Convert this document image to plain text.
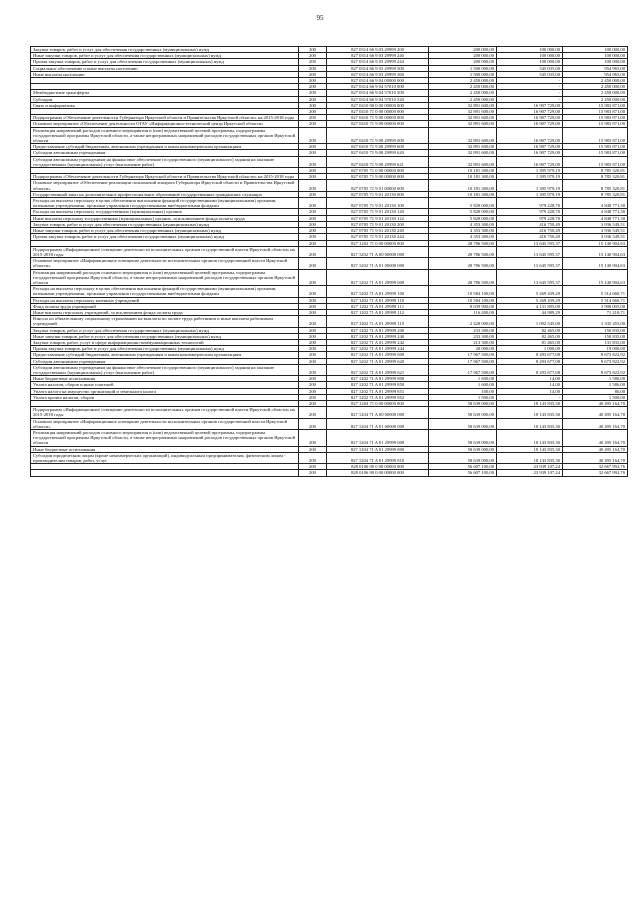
95
Закупка товаров, работ и услуг для обеспечения государственных (муниципальных) нужд	200	827 0314 66 9 03 29999 200	200 000,00	100 000,00	100 000,00
Иные закупки товаров, работ и услуг для обеспечения государственных (муниципальных) нужд	200	827 0314 66 9 03 29999 240	200 000,00	100 000,00	100 000,00
Прочая закупка товаров, работ и услуг для обеспечения государственных (муниципальных) нужд	200	827 0314 66 9 03 29999 244	200 000,00	100 000,00	100 000,00
Социальное обеспечение и иные выплаты населению	200	827 0314 66 9 03 29999 300	1 500 000,00	545 035,00	954 965,00
Иные выплаты населению	200	827 0314 66 9 03 29999 360	1 500 000,00	545 035,00	954 965,00
	200	827 0314 66 9 04 00000 000	2 450 000,00	-	2 450 000,00
	200	827 0314 66 9 04 57010 000	2 450 000,00	-	2 450 000,00
Межбюджетные трансферты	200	827 0314 66 9 04 57010 500	2 450 000,00	-	2 450 000,00
Субсидии	200	827 0314 66 9 04 57010 520	2 450 000,00	-	2 450 000,00
Связь и информатика	200	827 0410 00 0 00 00000 000	32 891 600,00	16 907 729,00	15 983 871,00
	200	827 0410 71 0 00 00000 000	32 891 600,00	16 907 729,00	15 983 871,00
Подпрограмма «Обеспечение деятельности Губернатора Иркутской области и Правительства Иркутской области» на 2015-2018 годы	200	827 0410 71 9 00 00000 000	32 891 600,00	16 907 729,00	15 983 871,00
Основное мероприятие «Обеспечение деятельности ОГАУ «Информационно-технический центр Иркутской области»	200	827 0410 71 9 08 00000 000	32 891 600,00	16 907 729,00	15 983 871,00
Реализация направлений расходов основного мероприятия и (или) ведомственной целевой программы, подпрограммы государственной программы Иркутской области, а также непрограммных направлений расходов государственных органов Иркутской области	200	827 0410 71 9 08 29999 000	32 891 600,00	16 907 729,00	15 983 871,00
Предоставление субсидий бюджетным, автономным учреждениям и иным некоммерческим организациям	200	827 0410 71 9 08 29999 600	32 891 600,00	16 907 729,00	15 983 871,00
Субсидии автономным учреждениям	200	827 0410 71 9 08 29999 620	32 891 600,00	16 907 729,00	15 983 871,00
Субсидии автономным учреждениям на финансовое обеспечение государственного (муниципального) задания на оказание государственных (муниципальных) услуг (выполнение работ)	200	827 0410 71 9 08 29999 621	32 891 600,00	16 907 729,00	15 983 871,00
	200	827 0705 71 0 00 00000 000	10 181 300,00	1 395 979,19	8 785 320,81
Подпрограмма «Обеспечение деятельности Губернатора Иркутской области и Правительства Иркутской области» на 2015-2018 годы	200	827 0705 71 9 00 00000 000	10 181 300,00	1 395 979,19	8 785 320,81
Основное мероприятие «Обеспечение реализации полномочий аппарата Губернатора Иркутской области и Правительства Иркутской области»	200	827 0705 71 9 01 00000 000	10 181 300,00	1 395 979,19	8 785 320,81
Государственный заказ на дополнительное профессиональное образование государственных гражданских служащих	200	827 0705 71 9 01 20130 000	10 181 300,00	1 395 979,19	8 785 320,81
Расходы на выплаты персоналу в целях обеспечения выполнения функций государственными (муниципальными) органами, казенными учреждениями, органами управления государственными внебюджетными фондами	200	827 0705 71 9 01 20130 100	5 828 000,00	979 228,70	4 848 771,30
Расходы на выплаты персоналу государственных (муниципальных) органов	200	827 0705 71 9 01 20130 120	5 828 000,00	979 228,70	4 848 771,30
Иные выплаты персоналу государственных (муниципальных) органов, за исключением фонда оплаты труда	200	827 0705 71 9 01 20130 122	5 828 000,00	979 228,70	4 848 771,30
Закупка товаров, работ и услуг для обеспечения государственных (муниципальных) нужд	200	827 0705 71 9 01 20130 200	4 353 300,00	416 750,49	3 936 549,51
Иные закупки товаров, работ и услуг для обеспечения государственных (муниципальных) нужд	200	827 0705 71 9 01 20130 240	4 353 300,00	416 750,49	3 936 549,51
Прочая закупка товаров, работ и услуг для обеспечения государственных (муниципальных) нужд	200	827 0705 71 9 01 20130 244	4 353 300,00	416 750,49	3 936 549,51
	200	827 1202 71 0 00 00000 000	28 786 500,00	13 645 595,37	15 140 904,63
Подпрограмма «Информационное освещение деятельности исполнительных органов государственной власти Иркутской области» на 2015-2018 годы	200	827 1202 71 A 00 00000 000	28 786 500,00	13 645 595,37	15 140 904,63
Основное мероприятие «Информационное освещение деятельности исполнительных органов государственной власти Иркутской области»	200	827 1202 71 A 01 00000 000	28 786 500,00	13 645 595,37	15 140 904,63
Реализация направлений расходов основного мероприятия и (или) ведомственной целевой программы, подпрограммы государственной программы Иркутской области, а также непрограммных направлений расходов государственных органов Иркутской области	200	827 1202 71 A 01 29999 000	28 786 500,00	13 645 595,37	15 140 904,63
Расходы на выплаты персоналу в целях обеспечения выполнения функций государственными (муниципальными) органами, казенными учреждениями, органами управления государственными внебюджетными фондами	200	827 1202 71 A 01 29999 100	10 584 100,00	5 269 439,29	5 314 660,71
Расходы на выплаты персоналу казенных учреждений	200	827 1202 71 A 01 29999 110	10 584 100,00	5 269 439,29	5 314 660,71
Фонд оплаты труда учреждений	200	827 1202 71 A 01 29999 111	8 039 900,00	4 131 895,00	3 908 005,00
Иные выплаты персоналу учреждений, за исключением фонда оплаты труда	200	827 1202 71 A 01 29999 112	116 200,00	44 989,29	71 210,71
Взносы по обязательному социальному страхованию на выплаты по оплате труда работников и иные выплаты работникам учреждений	200	827 1202 71 A 01 29999 119	2 428 000,00	1 092 545,00	1 335 455,00
Закупка товаров, работ и услуг для обеспечения государственных (муниципальных) нужд	200	827 1202 71 A 01 29999 200	233 300,00	82 465,00	150 835,00
Иные закупки товаров, работ и услуг для обеспечения государственных (муниципальных) нужд	200	827 1202 71 A 01 29999 240	233 300,00	82 465,00	150 835,00
Закупка товаров, работ, услуг в сфере информационно-коммуникационных технологий	200	827 1202 71 A 01 29999 242	213 300,00	81 465,00	131 835,00
Прочая закупка товаров, работ и услуг для обеспечения государственных (муниципальных) нужд	200	827 1202 71 A 01 29999 244	20 000,00	1 000,00	19 000,00
Предоставление субсидий бюджетным, автономным учреждениям и иным некоммерческим организациям	200	827 1202 71 A 01 29999 600	17 967 500,00	8 293 677,08	9 673 822,92
Субсидии автономным учреждениям	200	827 1202 71 A 01 29999 620	17 967 500,00	8 293 677,08	9 673 822,92
Субсидии автономным учреждениям на финансовое обеспечение государственного (муниципального) задания на оказание государственных (муниципальных) услуг (выполнение работ)	200	827 1202 71 A 01 29999 621	17 967 500,00	8 293 677,08	9 673 822,92
Иные бюджетные ассигнования	200	827 1202 71 A 01 29999 800	1 600,00	14,00	1 586,00
Уплата налогов, сборов и иных платежей	200	827 1202 71 A 01 29999 850	1 600,00	14,00	1 586,00
Уплата налога на имущество организаций и земельного налога	200	827 1202 71 A 01 29999 851	100,00	14,00	86,00
Уплата прочих налогов, сборов	200	827 1202 71 A 01 29999 852	1 500,00	-	1 500,00
	200	827 1204 71 0 00 00000 000	58 639 000,00	18 143 835,30	40 495 164,70
Подпрограмма «Информационное освещение деятельности исполнительных органов государственной власти Иркутской области» на 2015-2018 годы	200	827 1204 71 A 00 00000 000	58 639 000,00	18 143 835,30	40 495 164,70
Основное мероприятие «Информационное освещение деятельности исполнительных органов государственной власти Иркутской области»	200	827 1204 71 A 01 00000 000	58 639 000,00	18 143 835,30	40 495 164,70
Реализация направлений расходов основного мероприятия и (или) ведомственной целевой программы, подпрограммы государственной программы Иркутской области, а также непрограммных направлений расходов государственных органов Иркутской области	200	827 1204 71 A 01 29999 000	58 639 000,00	18 143 835,30	40 495 164,70
Иные бюджетные ассигнования	200	827 1204 71 A 01 29999 800	58 639 000,00	18 143 835,30	40 495 164,70
Субсидии юридическим лицам (кроме некоммерческих организаций), индивидуальным предпринимателям, физическим лицам - производителям товаров, работ, услуг	200	827 1204 71 A 01 29999 810	58 639 000,00	18 143 835,30	40 495 164,70
	200	828 0106 00 0 00 00000 000	56 607 100,00	23 939 107,24	32 667 992,76
	200	828 0106 90 0 00 00000 000	56 607 100,00	23 939 107,24	32 667 992,76
